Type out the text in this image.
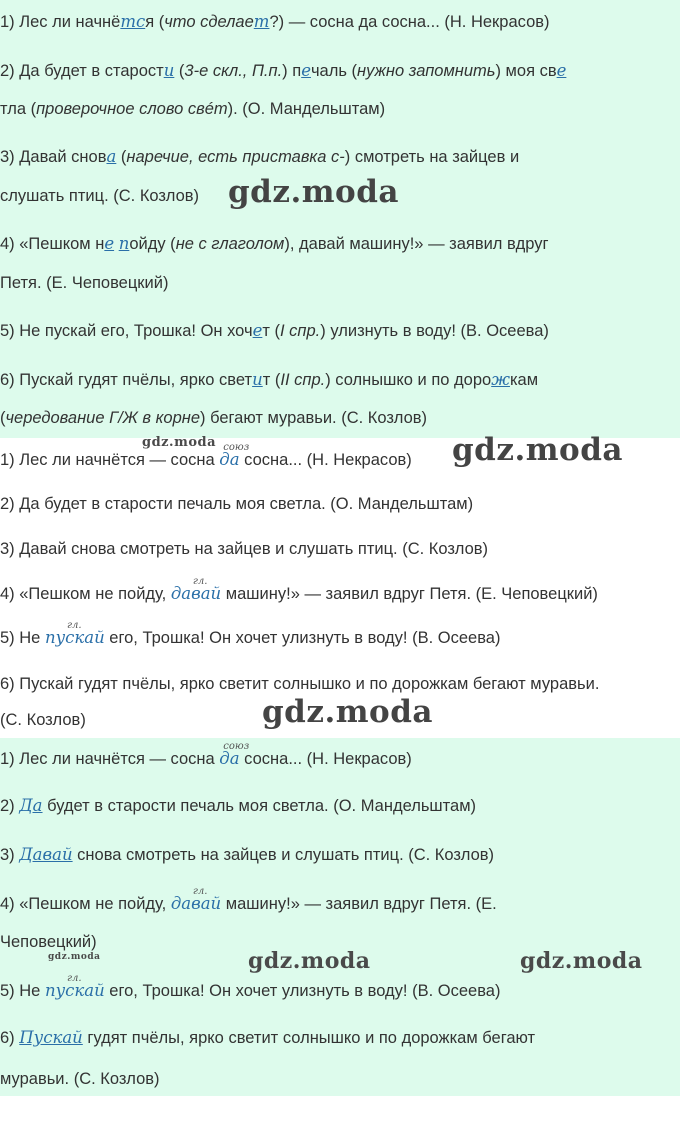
1) Лес ли начнётся (что сделает?) — сосна да сосна... (Н. Некрасов)
2) Да будет в старости (3-е скл., П.п.) печаль (нужно запомнить) моя све
тла (проверочное слово свéт). (О. Мандельштам)
3) Давай снова (наречие, есть приставка с-) смотреть на зайцев и
слушать птиц. (С. Козлов) gdz.moda
4) «Пешком не пойду (не с глаголом), давай машину!» — заявил вдруг
Петя. (Е. Чеповецкий)
5) Не пускай его, Трошка! Он хочет (I спр.) улизнуть в воду! (В. Осеева)
6) Пускай гудят пчёлы, ярко светит (II спр.) солнышко и по дорожкам
(чередование Г/Ж в корне) бегают муравьи. (С. Козлов)
gdz.moda
1) Лес ли начнётся — сосна
союз
да сосна... (Н. Некрасов) gdz.moda
2) Да будет в старости печаль моя светла. (О. Мандельштам)
3) Давай снова смотреть на зайцев и слушать птиц. (С. Козлов)
4) «Пешком не пойду,
гл.
давай машину!» — заявил вдруг Петя. (Е. Чеповецкий)
5) Не
гл.
пускай его, Трошка! Он хочет улизнуть в воду! (В. Осеева)
6) Пускай гудят пчёлы, ярко светит солнышко и по дорожкам бегают муравьи.
(С. Козлов)	gdz.moda
1) Лес ли начнётся — сосна
союз
да сосна... (Н. Некрасов)
2) Да будет в старости печаль моя светла. (О. Мандельштам)
3) Давай снова смотреть на зайцев и слушать птиц. (С. Козлов)
4) «Пешком не пойду,
гл.
давай машину!» — заявил вдруг Петя. (Е.
Чеповецкий)
gdz.moda	gdz.moda	gdz.moda
5) Не
гл.
пускай его, Трошка! Он хочет улизнуть в воду! (В. Осеева)
6) Пускай гудят пчёлы, ярко светит солнышко и по дорожкам бегают
муравьи. (С. Козлов)
